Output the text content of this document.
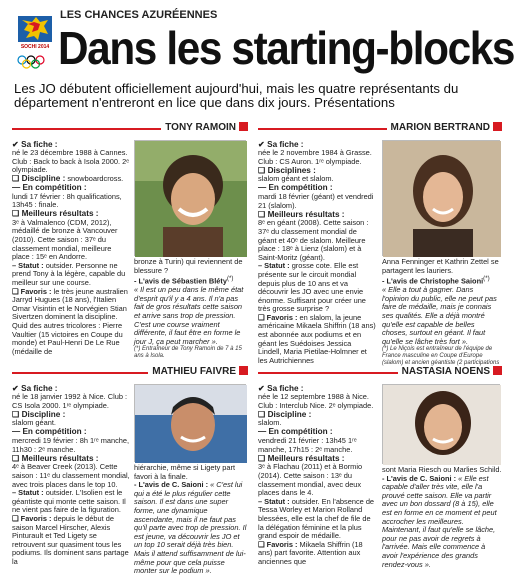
SOCHI 2014
LES CHANCES AZURÉENNES
Dans les starting-blocks
Les JO débutent officiellement aujourd'hui, mais les quatre représentants du département n'entreront en lice que dans dix jours. Présentations
TONY RAMOIN
✔ Sa fiche :

né le 23 décembre 1988 à Cannes. Club : Back to back à Isola 2000. 2ᵉ olympiade.

❑ Discipline : snowboardcross.
— En compétition :

lundi 17 février : 8h qualifications, 13h45 : finale.

❑ Meilleurs résultats :

3ᵉ à Valmalenco (CDM, 2012), médaillé de bronze à Vancouver (2010). Cette saison : 37ᵉ du classement mondial, meilleure place : 15ᵉ en Andorre.

– Statut : outsider. Personne ne prend Tony à la légère, capable du meilleur sur une course.
❑ Favoris : le très jeune australien Jarryd Hugues (18 ans), l'Italien Omar Visintin et le Norvégien Stian Sivertzen dominent la discipline. Quid des autres tricolores : Pierre Vaultier (15 victoires en Coupe du monde) et Paul-Henri De Le Rue (médaille de

bronze à Turin) qui reviennent de blessure ?

- L'avis de Sébastien Bléty(*)

« Il est un peu dans le même état d'esprit qu'il y a 4 ans. Il n'a pas fait de gros résultats cette saison et arrive sans trop de pression. C'est une course vraiment différente, il faut être en forme le jour J, ça peut marcher ».

(*) Entraîneur de Tony Ramoin de 7 à 15 ans à Isola.

MARION BERTRAND
✔ Sa fiche :

née le 2 novembre 1984 à Grasse. Club : CS Auron. 1ʳᵉ olympiade.

❑ Disciplines :

slalom géant et slalom.

— En compétition :

mardi 18 février (géant) et vendredi 21 (slalom).

❑ Meilleurs résultats :

8ᵉ en géant (2008). Cette saison : 37ᵉ du classement mondial de géant et 40ᵉ de slalom. Meilleure place : 18ᵉ à Lienz (slalom) et à Saint-Moritz (géant).

– Statut : grosse cote. Elle est présente sur le circuit mondial depuis plus de 10 ans et va découvrir les JO avec une envie énorme. Suffisant pour créer une très grosse surprise ?
❑ Favoris : en slalom, la jeune américaine Mikaela Shiffrin (18 ans) est abonnée aux podiums et en géant les Suédoises Jessica Lindell, Maria Pietilae-Holmner et les Autrichiennes

Anna Fenninger et Kathrin Zettel se partagent les lauriers.

- L'avis de Christophe Saioni(*)

« Elle a tout à gagner. Dans l'opinion du public, elle ne peut pas faire de médaille, mais je connais ses qualités. Elle a déjà montré qu'elle est capable de belles choses, surtout en géant. Il faut qu'elle se lâche très fort ».

(*) Le Niçois est entraîneur de l'équipe de France masculine en Coupe d'Europe (slalom) et ancien géantiste (2 participations

MATHIEU FAIVRE
✔ Sa fiche :

né le 18 janvier 1992 à Nice. Club : CS Isola 2000. 1ʳᵉ olympiade.

❑ Discipline :

slalom géant.

— En compétition :

mercredi 19 février : 8h 1ʳᵉ manche, 11h30 : 2ᵉ manche.

❑ Meilleurs résultats :

4ᵉ à Beaver Creek (2013). Cette saison : 11ᵉ du classement mondial, avec trois places dans le top 10.

– Statut : outsider. L'Isolien est le géantiste qui monte cette saison. Il ne vient pas faire de la figuration.
❑ Favoris : depuis le début de saison Marcel Hirscher, Alexis Pinturault et Ted Ligety se retrouvent sur quasiment tous les podiums. Ils dominent sans partage la

hiérarchie, même si Ligety part favori à la finale.

- L'avis de C. Saioni : « C'est lui qui a été le plus régulier cette saison. Il est dans une super forme, une dynamique ascendante, mais il ne faut pas qu'il parte avec trop de pression. Il est jeune, va découvrir les JO et un top 10 serait déjà très bien. Mais il attend suffisamment de lui-même pour que cela puisse monter sur le podium ».
NASTASIA NOENS
✔ Sa fiche :

née le 12 septembre 1988 à Nice. Club : Interclub Nice. 2ᵉ olympiade.

❑ Discipline :

slalom.

— En compétition :

vendredi 21 février : 13h45 1ʳᵉ manche, 17h15 : 2ᵉ manche.

❑ Meilleurs résultats :

3ᵉ à Flachau (2011) et à Bormio (2014). Cette saison : 13ᵉ du classement mondial, avec deux places dans le 4.

– Statut : outsider. En l'absence de Tessa Worley et Marion Rolland blessées, elle est la chef de file de la délégation féminine et la plus grand espoir de médaille.
❑ Favoris : Mikaela Shiffrin (18 ans) part favorite. Attention aux anciennes que

sont Maria Riesch ou Marlies Schild.

- L'avis de C. Saioni : « Elle est capable d'aller très vite, elle l'a prouvé cette saison. Elle va partir avec un bon dossard (8 à 15), elle est en forme en ce moment et peut accrocher les meilleures. Maintenant, il faut qu'elle se lâche, pour ne pas avoir de regrets à l'arrivée. Mais elle commence à avoir l'expérience des grands rendez-vous ».
